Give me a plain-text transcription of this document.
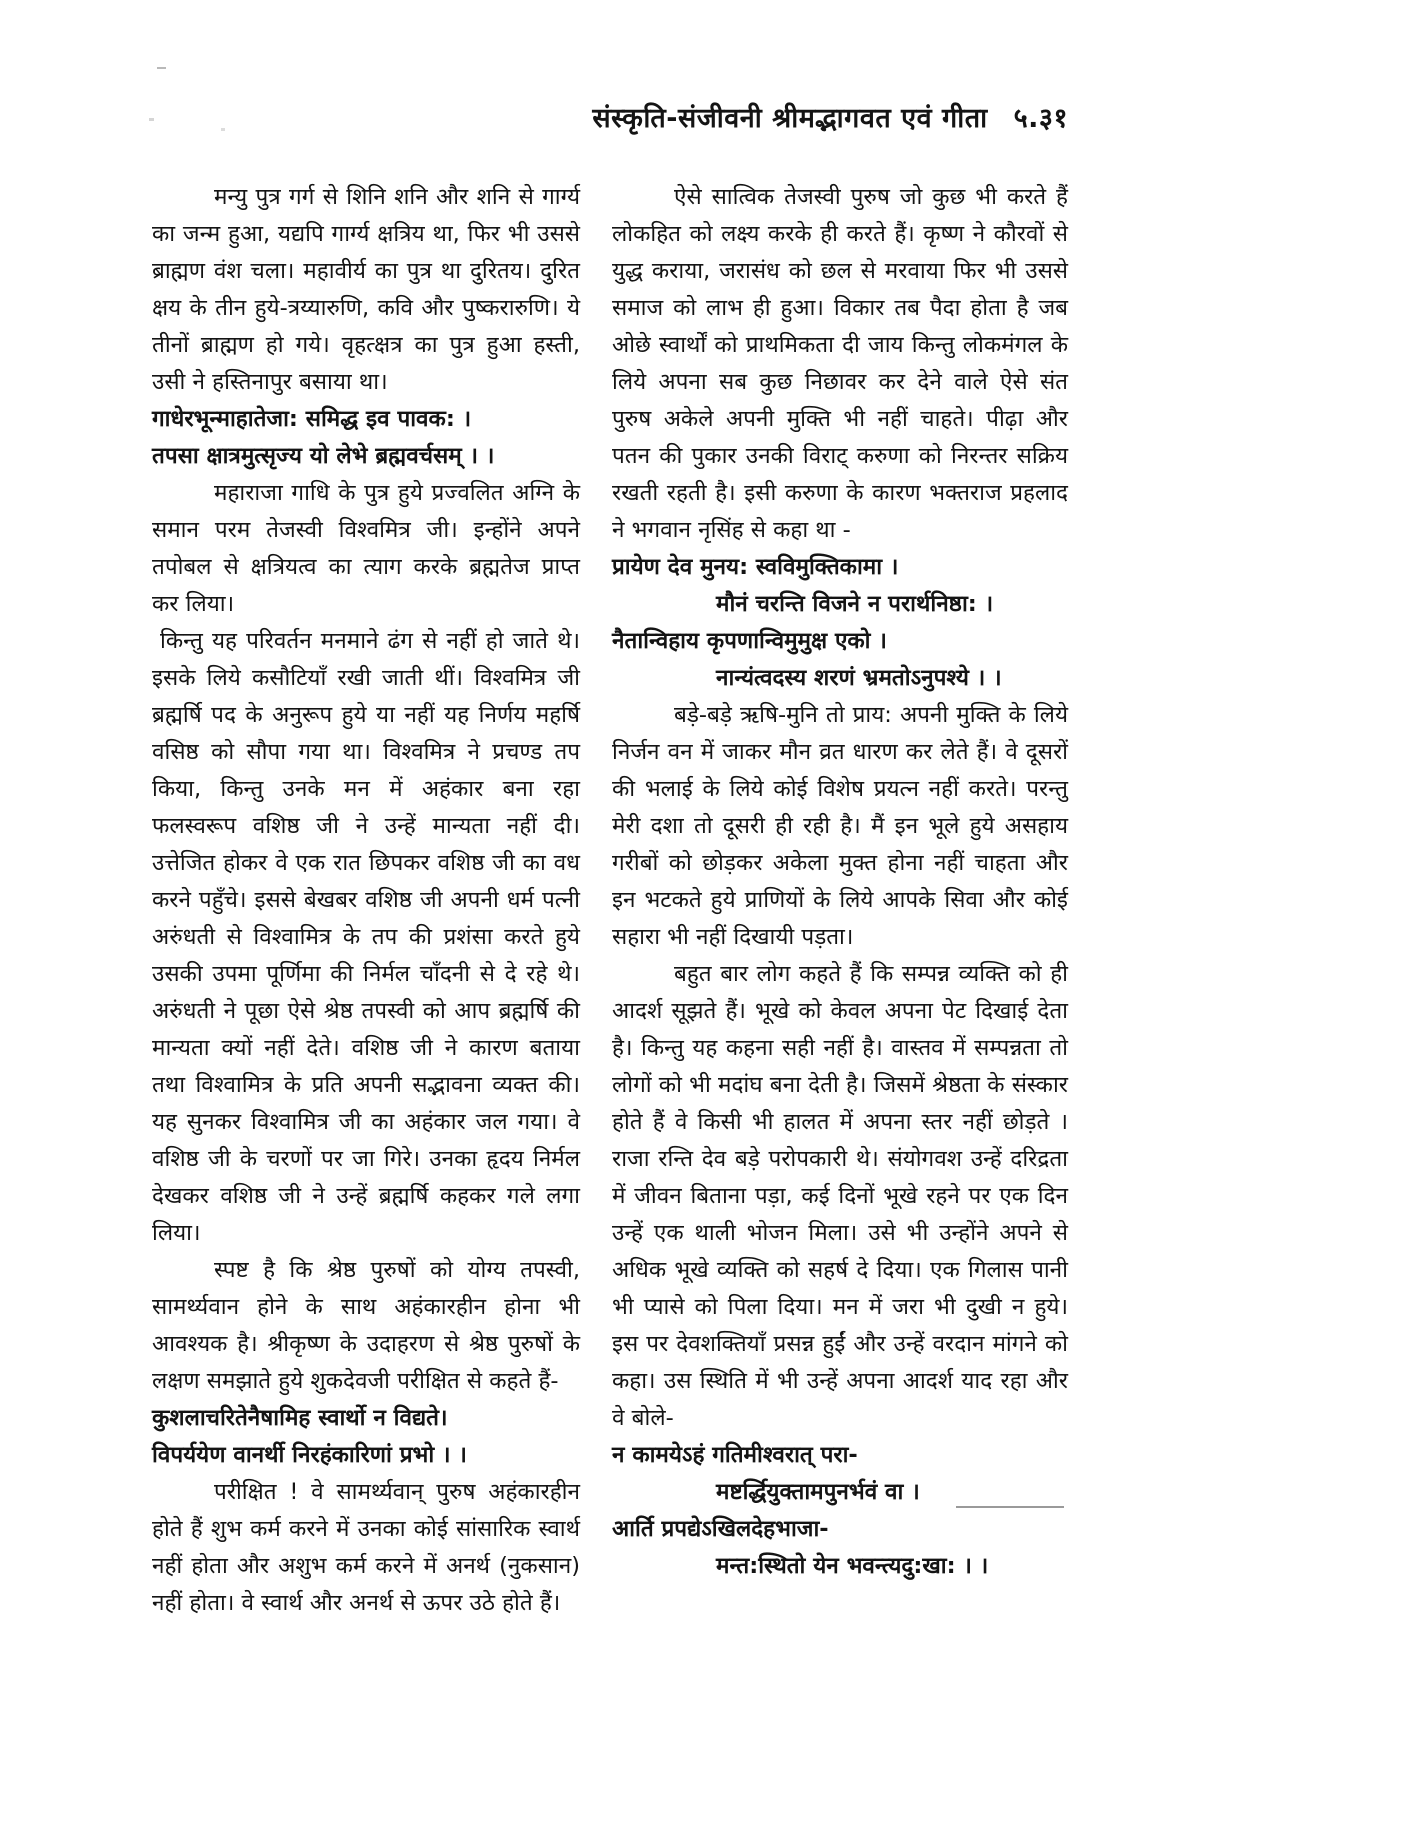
संस्कृति-संजीवनी श्रीमद्भागवत एवं गीता ५.३१

मन्यु पुत्र गर्ग से शिनि शनि और शनि से गार्ग्य का जन्म हुआ, यद्यपि गार्ग्य क्षत्रिय था, फिर भी उससे ब्राह्मण वंश चला। महावीर्य का पुत्र था दुरितय। दुरित क्षय के तीन हुये-त्रय्यारुणि, कवि और पुष्करारुणि। ये तीनों ब्राह्मण हो गये। वृहत्क्षत्र का पुत्र हुआ हस्ती, उसी ने हस्तिनापुर बसाया था।

गाधेरभून्माहातेजा: समिद्ध इव पावक: ।

तपसा क्षात्रमुत्सृज्य यो लेभे ब्रह्मवर्चसम् । ।

महाराजा गाधि के पुत्र हुये प्रज्वलित अग्नि के समान परम तेजस्वी विश्वमित्र जी। इन्होंने अपने तपोबल से क्षत्रियत्व का त्याग करके ब्रह्मतेज प्राप्त कर लिया।

किन्तु यह परिवर्तन मनमाने ढंग से नहीं हो जाते थे। इसके लिये कसौटियाँ रखी जाती थीं। विश्वमित्र जी ब्रह्मर्षि पद के अनुरूप हुये या नहीं यह निर्णय महर्षि वसिष्ठ को सौपा गया था। विश्वमित्र ने प्रचण्ड तप किया, किन्तु उनके मन में अहंकार बना रहा फलस्वरूप वशिष्ठ जी ने उन्हें मान्यता नहीं दी। उत्तेजित होकर वे एक रात छिपकर वशिष्ठ जी का वध करने पहुँचे। इससे बेखबर वशिष्ठ जी अपनी धर्म पत्नी अरुंधती से विश्वामित्र के तप की प्रशंसा करते हुये उसकी उपमा पूर्णिमा की निर्मल चाँदनी से दे रहे थे। अरुंधती ने पूछा ऐसे श्रेष्ठ तपस्वी को आप ब्रह्मर्षि की मान्यता क्यों नहीं देते। वशिष्ठ जी ने कारण बताया तथा विश्वामित्र के प्रति अपनी सद्भावना व्यक्त की। यह सुनकर विश्वामित्र जी का अहंकार जल गया। वे वशिष्ठ जी के चरणों पर जा गिरे। उनका हृदय निर्मल देखकर वशिष्ठ जी ने उन्हें ब्रह्मर्षि कहकर गले लगा लिया।

स्पष्ट है कि श्रेष्ठ पुरुषों को योग्य तपस्वी, सामर्थ्यवान होने के साथ अहंकारहीन होना भी आवश्यक है। श्रीकृष्ण के उदाहरण से श्रेष्ठ पुरुषों के लक्षण समझाते हुये शुकदेवजी परीक्षित से कहते हैं-

कुशलाचरितेनैषामिह स्वार्थो न विद्यते।

विपर्ययेण वानर्थी निरहंकारिणां प्रभो । ।

परीक्षित ! वे सामर्थ्यवान् पुरुष अहंकारहीन होते हैं शुभ कर्म करने में उनका कोई सांसारिक स्वार्थ नहीं होता और अशुभ कर्म करने में अनर्थ (नुकसान) नहीं होता। वे स्वार्थ और अनर्थ से ऊपर उठे होते हैं।

ऐसे सात्विक तेजस्वी पुरुष जो कुछ भी करते हैं लोकहित को लक्ष्य करके ही करते हैं। कृष्ण ने कौरवों से युद्ध कराया, जरासंध को छल से मरवाया फिर भी उससे समाज को लाभ ही हुआ। विकार तब पैदा होता है जब ओछे स्वार्थों को प्राथमिकता दी जाय किन्तु लोकमंगल के लिये अपना सब कुछ निछावर कर देने वाले ऐसे संत पुरुष अकेले अपनी मुक्ति भी नहीं चाहते। पीढ़ा और पतन की पुकार उनकी विराट् करुणा को निरन्तर सक्रिय रखती रहती है। इसी करुणा के कारण भक्तराज प्रहलाद ने भगवान नृसिंह से कहा था -

प्रायेण देव मुनय: स्वविमुक्तिकामा ।

मौनं चरन्ति विजने न परार्थनिष्ठा: ।

नैतान्विहाय कृपणान्विमुमुक्ष एको ।

नान्यंत्वदस्य शरणं भ्रमतोऽनुपश्ये । ।

बड़े-बड़े ऋषि-मुनि तो प्राय: अपनी मुक्ति के लिये निर्जन वन में जाकर मौन व्रत धारण कर लेते हैं। वे दूसरों की भलाई के लिये कोई विशेष प्रयत्न नहीं करते। परन्तु मेरी दशा तो दूसरी ही रही है। मैं इन भूले हुये असहाय गरीबों को छोड़कर अकेला मुक्त होना नहीं चाहता और इन भटकते हुये प्राणियों के लिये आपके सिवा और कोई सहारा भी नहीं दिखायी पड़ता।

बहुत बार लोग कहते हैं कि सम्पन्न व्यक्ति को ही आदर्श सूझते हैं। भूखे को केवल अपना पेट दिखाई देता है। किन्तु यह कहना सही नहीं है। वास्तव में सम्पन्नता तो लोगों को भी मदांघ बना देती है। जिसमें श्रेष्ठता के संस्कार होते हैं वे किसी भी हालत में अपना स्तर नहीं छोड़ते । राजा रन्ति देव बड़े परोपकारी थे। संयोगवश उन्हें दरिद्रता में जीवन बिताना पड़ा, कई दिनों भूखे रहने पर एक दिन उन्हें एक थाली भोजन मिला। उसे भी उन्होंने अपने से अधिक भूखे व्यक्ति को सहर्ष दे दिया। एक गिलास पानी भी प्यासे को पिला दिया। मन में जरा भी दुखी न हुये। इस पर देवशक्तियाँ प्रसन्न हुईं और उन्हें वरदान मांगने को कहा। उस स्थिति में भी उन्हें अपना आदर्श याद रहा और वे बोले-

न कामयेऽहं गतिमीश्वरात् परा-

मष्टर्द्धियुक्तामपुनर्भवं वा ।

आर्ति प्रपद्येऽखिलदेहभाजा-

मन्त:स्थितो येन भवन्त्यदु:खा: । ।
